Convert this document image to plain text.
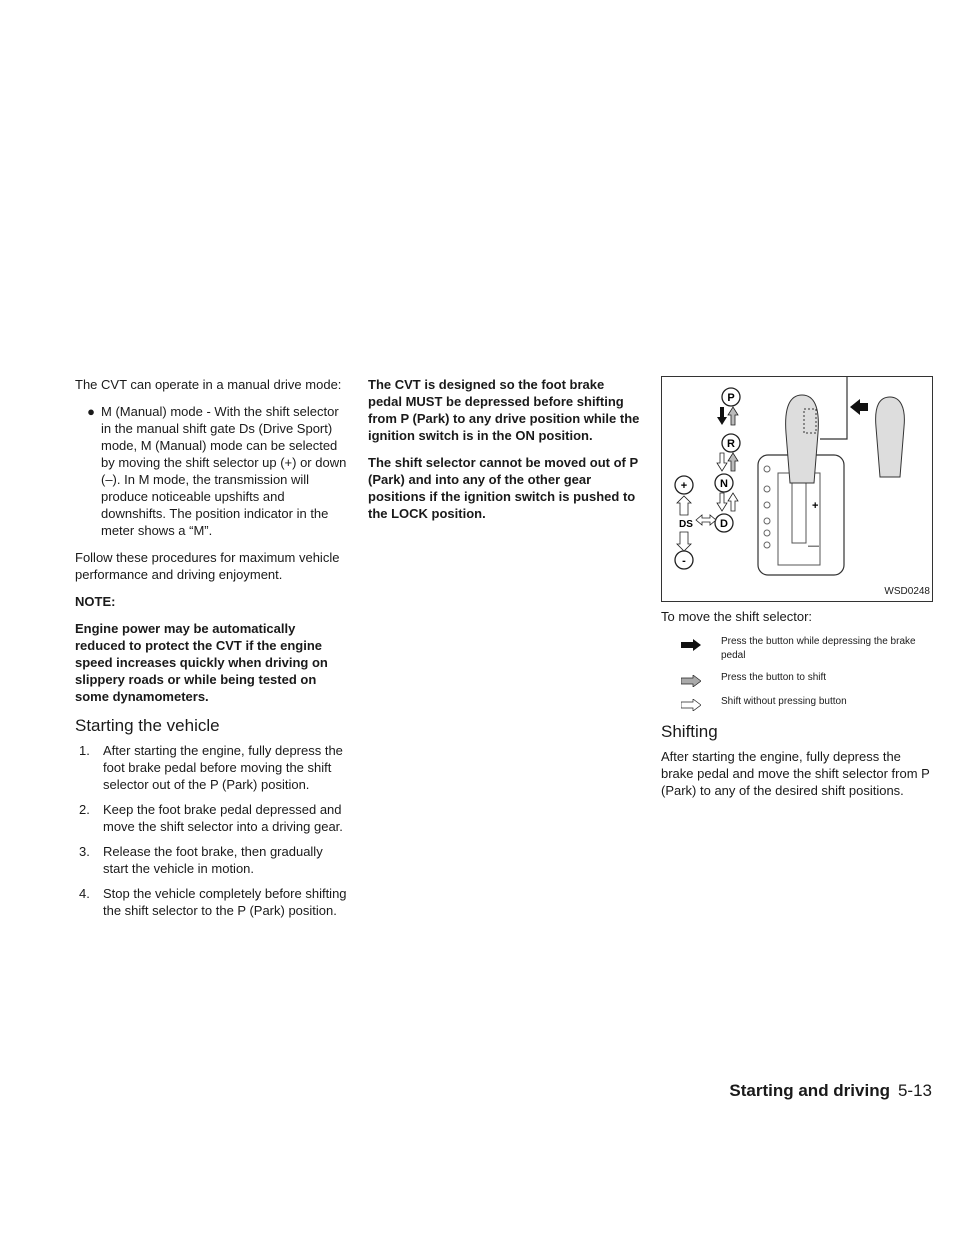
The CVT can operate in a manual drive mode:

● M (Manual) mode - With the shift selector in the manual shift gate Ds (Drive Sport) mode, M (Manual) mode can be selected by moving the shift selector up (+) or down (–). In M mode, the transmission will produce noticeable upshifts and downshifts. The position indicator in the meter shows a “M”.

Follow these procedures for maximum vehicle performance and driving enjoyment.

NOTE:

Engine power may be automatically reduced to protect the CVT if the engine speed increases quickly when driving on slippery roads or while being tested on some dynamometers.

Starting the vehicle
1.	After starting the engine, fully depress the foot brake pedal before moving the shift selector out of the P (Park) position.
2.	Keep the foot brake pedal depressed and move the shift selector into a driving gear.
3.	Release the foot brake, then gradually start the vehicle in motion.
4.	Stop the vehicle completely before shifting the shift selector to the P (Park) position.

The CVT is designed so the foot brake pedal MUST be depressed before shifting from P (Park) to any drive position while the ignition switch is in the ON position.

The shift selector cannot be moved out of P (Park) and into any of the other gear positions if the ignition switch is pushed to the LOCK position.

P
R
N
D
+
-
DS
+
—
WSD0248

To move the shift selector:

Press the button while depressing the brake pedal
Press the button to shift
Shift without pressing button
Shifting

After starting the engine, fully depress the brake pedal and move the shift selector from P (Park) to any of the desired shift positions.

Starting and driving 5-13
